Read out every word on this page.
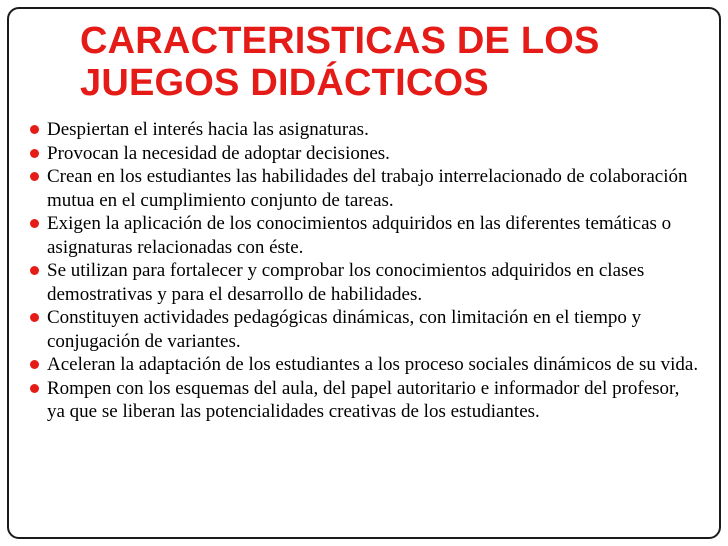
CARACTERISTICAS DE LOS
JUEGOS DIDÁCTICOS
Despiertan el interés hacia las asignaturas.
Provocan la necesidad de adoptar decisiones.
Crean en los estudiantes las habilidades del trabajo interrelacionado de colaboración mutua en el cumplimiento conjunto de tareas.
Exigen la aplicación de los conocimientos adquiridos en las diferentes temáticas o asignaturas relacionadas con éste.
Se utilizan para fortalecer y comprobar los conocimientos adquiridos en clases demostrativas y para el desarrollo de habilidades.
Constituyen actividades pedagógicas dinámicas, con limitación en el tiempo y conjugación de variantes.
Aceleran la adaptación de los estudiantes a los proceso sociales dinámicos de su vida.
Rompen con los esquemas del aula, del papel autoritario e informador del profesor, ya que se liberan las potencialidades creativas de los estudiantes.
